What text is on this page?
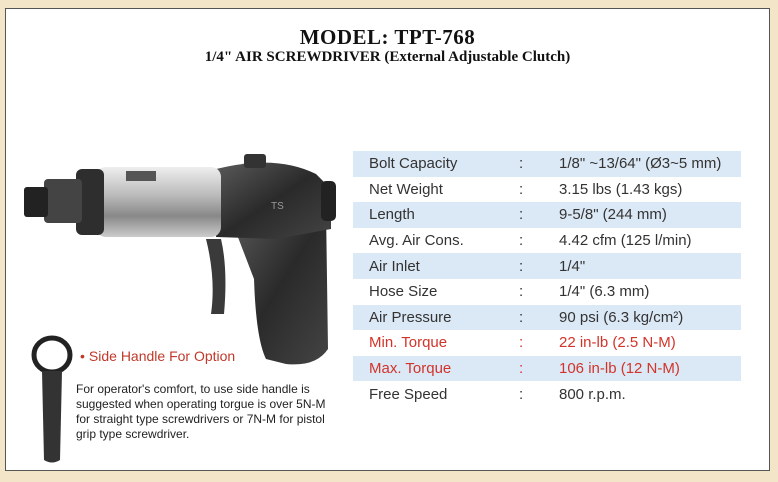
MODEL: TPT-768
1/4" AIR SCREWDRIVER (External Adjustable Clutch)
TS
• Side Handle For Option
For operator's comfort, to use side handle is suggested when operating torgue is over 5N-M for straight type screwdrivers or 7N-M for pistol grip type screwdriver.
Bolt Capacity	:	1/8" ~13/64" (Ø3~5 mm)
Net Weight	:	3.15 lbs (1.43 kgs)
Length	:	9-5/8" (244 mm)
Avg. Air Cons.	:	4.42 cfm (125 l/min)
Air Inlet	:	1/4"
Hose Size	:	1/4" (6.3 mm)
Air Pressure	:	90 psi (6.3 kg/cm²)
Min. Torque	:	22 in-lb (2.5 N-M)
Max. Torque	:	106 in-lb (12 N-M)
Free Speed	:	800 r.p.m.
